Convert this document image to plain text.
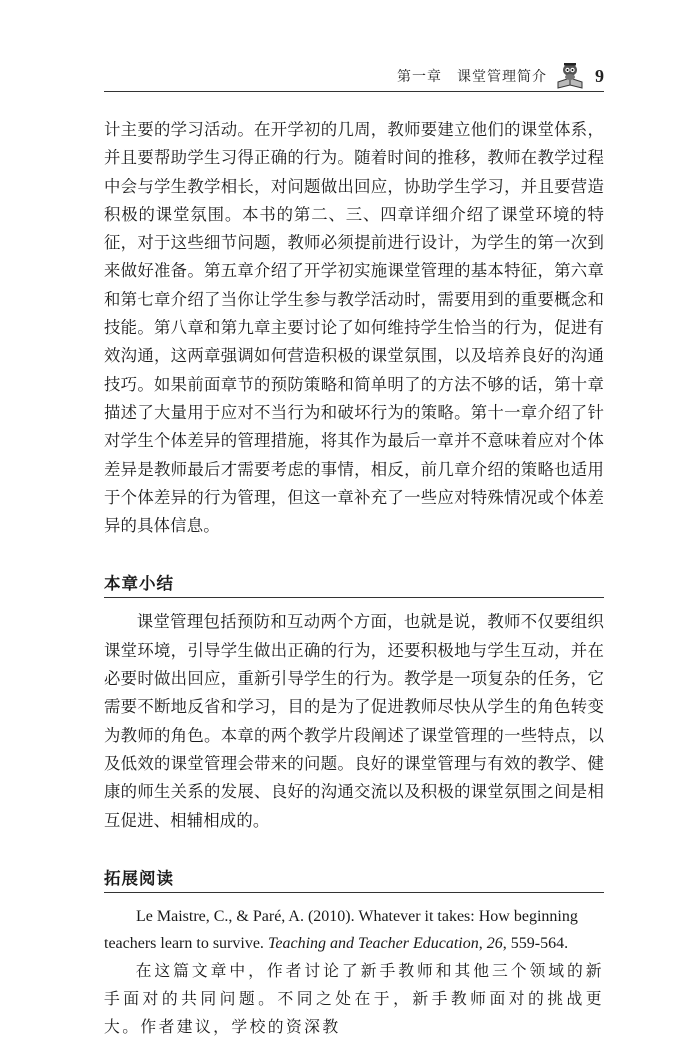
第一章　课堂管理简介	9

计主要的学习活动。在开学初的几周，教师要建立他们的课堂体系，并且要帮助学生习得正确的行为。随着时间的推移，教师在教学过程中会与学生教学相长，对问题做出回应，协助学生学习，并且要营造积极的课堂氛围。本书的第二、三、四章详细介绍了课堂环境的特征，对于这些细节问题，教师必须提前进行设计，为学生的第一次到来做好准备。第五章介绍了开学初实施课堂管理的基本特征，第六章和第七章介绍了当你让学生参与教学活动时，需要用到的重要概念和技能。第八章和第九章主要讨论了如何维持学生恰当的行为，促进有效沟通，这两章强调如何营造积极的课堂氛围，以及培养良好的沟通技巧。如果前面章节的预防策略和简单明了的方法不够的话，第十章描述了大量用于应对不当行为和破坏行为的策略。第十一章介绍了针对学生个体差异的管理措施，将其作为最后一章并不意味着应对个体差异是教师最后才需要考虑的事情，相反，前几章介绍的策略也适用于个体差异的行为管理，但这一章补充了一些应对特殊情况或个体差异的具体信息。

本章小结

课堂管理包括预防和互动两个方面，也就是说，教师不仅要组织课堂环境，引导学生做出正确的行为，还要积极地与学生互动，并在必要时做出回应，重新引导学生的行为。教学是一项复杂的任务，它需要不断地反省和学习，目的是为了促进教师尽快从学生的角色转变为教师的角色。本章的两个教学片段阐述了课堂管理的一些特点，以及低效的课堂管理会带来的问题。良好的课堂管理与有效的教学、健康的师生关系的发展、良好的沟通交流以及积极的课堂氛围之间是相互促进、相辅相成的。

拓展阅读

Le Maistre, C., & Paré, A. (2010). Whatever it takes: How beginning teachers learn to survive. Teaching and Teacher Education, 26, 559-564.

在这篇文章中，作者讨论了新手教师和其他三个领域的新手面对的共同问题。不同之处在于，新手教师面对的挑战更大。作者建议，学校的资深教
